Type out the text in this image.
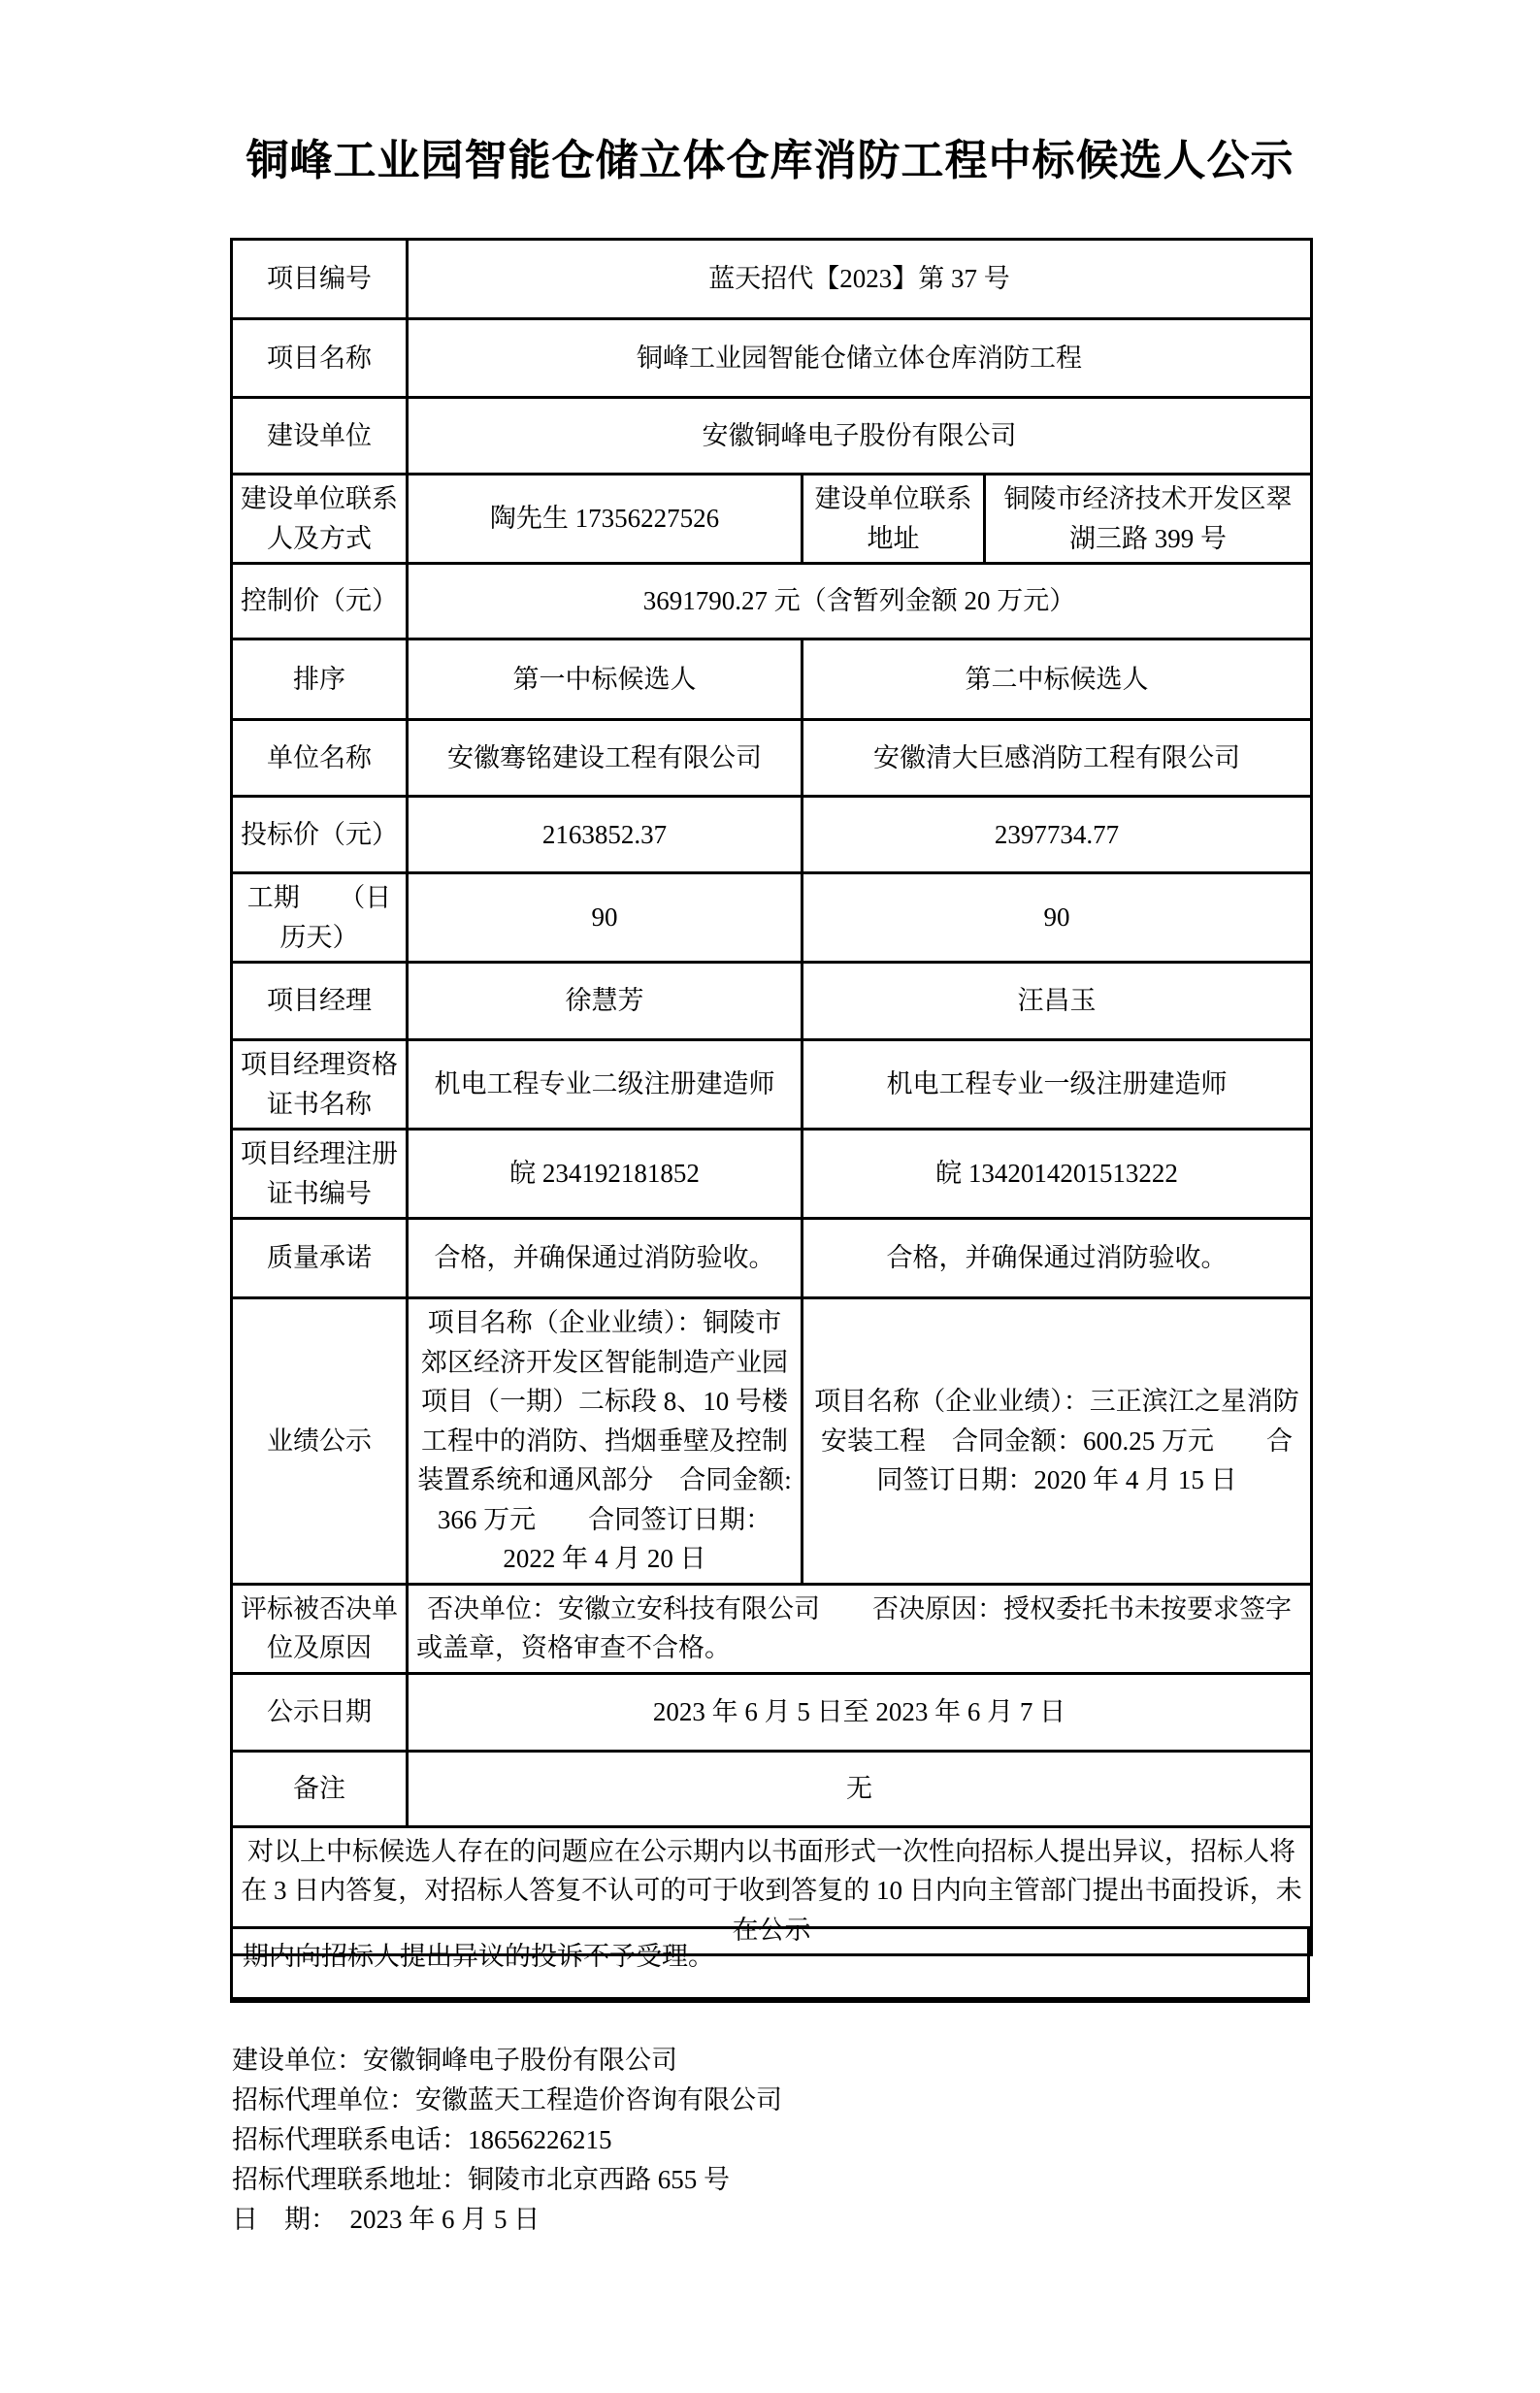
铜峰工业园智能仓储立体仓库消防工程中标候选人公示
项目编号	蓝天招代【2023】第 37 号		
项目名称	铜峰工业园智能仓储立体仓库消防工程		
建设单位	安徽铜峰电子股份有限公司		
建设单位联系人及方式	陶先生 17356227526	建设单位联系地址	铜陵市经济技术开发区翠湖三路 399 号
控制价（元）	3691790.27 元（含暂列金额 20 万元）		
排序	第一中标候选人	第二中标候选人	
单位名称	安徽骞铭建设工程有限公司	安徽清大巨感消防工程有限公司	
投标价（元）	2163852.37	2397734.77	
工期　　（日历天）	90	90	
项目经理	徐慧芳	汪昌玉	
项目经理资格证书名称	机电工程专业二级注册建造师	机电工程专业一级注册建造师	
项目经理注册证书编号	皖 234192181852	皖 1342014201513222	
质量承诺	合格，并确保通过消防验收。	合格，并确保通过消防验收。	
业绩公示	项目名称（企业业绩）：铜陵市郊区经济开发区智能制造产业园项目（一期）二标段 8、10 号楼工程中的消防、挡烟垂壁及控制装置系统和通风部分　合同金额: 366 万元　　合同签订日期：2022 年 4 月 20 日	项目名称（企业业绩）：三正滨江之星消防安装工程　合同金额：600.25 万元　　合同签订日期：2020 年 4 月 15 日	
评标被否决单位及原因	否决单位：安徽立安科技有限公司　　否决原因：授权委托书未按要求签字或盖章，资格审查不合格。		
公示日期	2023 年 6 月 5 日至 2023 年 6 月 7 日		
备注	无		
对以上中标候选人存在的问题应在公示期内以书面形式一次性向招标人提出异议，招标人将在 3 日内答复，对招标人答复不认可的可于收到答复的 10 日内向主管部门提出书面投诉，未在公示			
期内向招标人提出异议的投诉不予受理。
建设单位：安徽铜峰电子股份有限公司
招标代理单位：安徽蓝天工程造价咨询有限公司
招标代理联系电话：18656226215
招标代理联系地址：铜陵市北京西路 655 号
日　期：　2023 年 6 月 5 日
